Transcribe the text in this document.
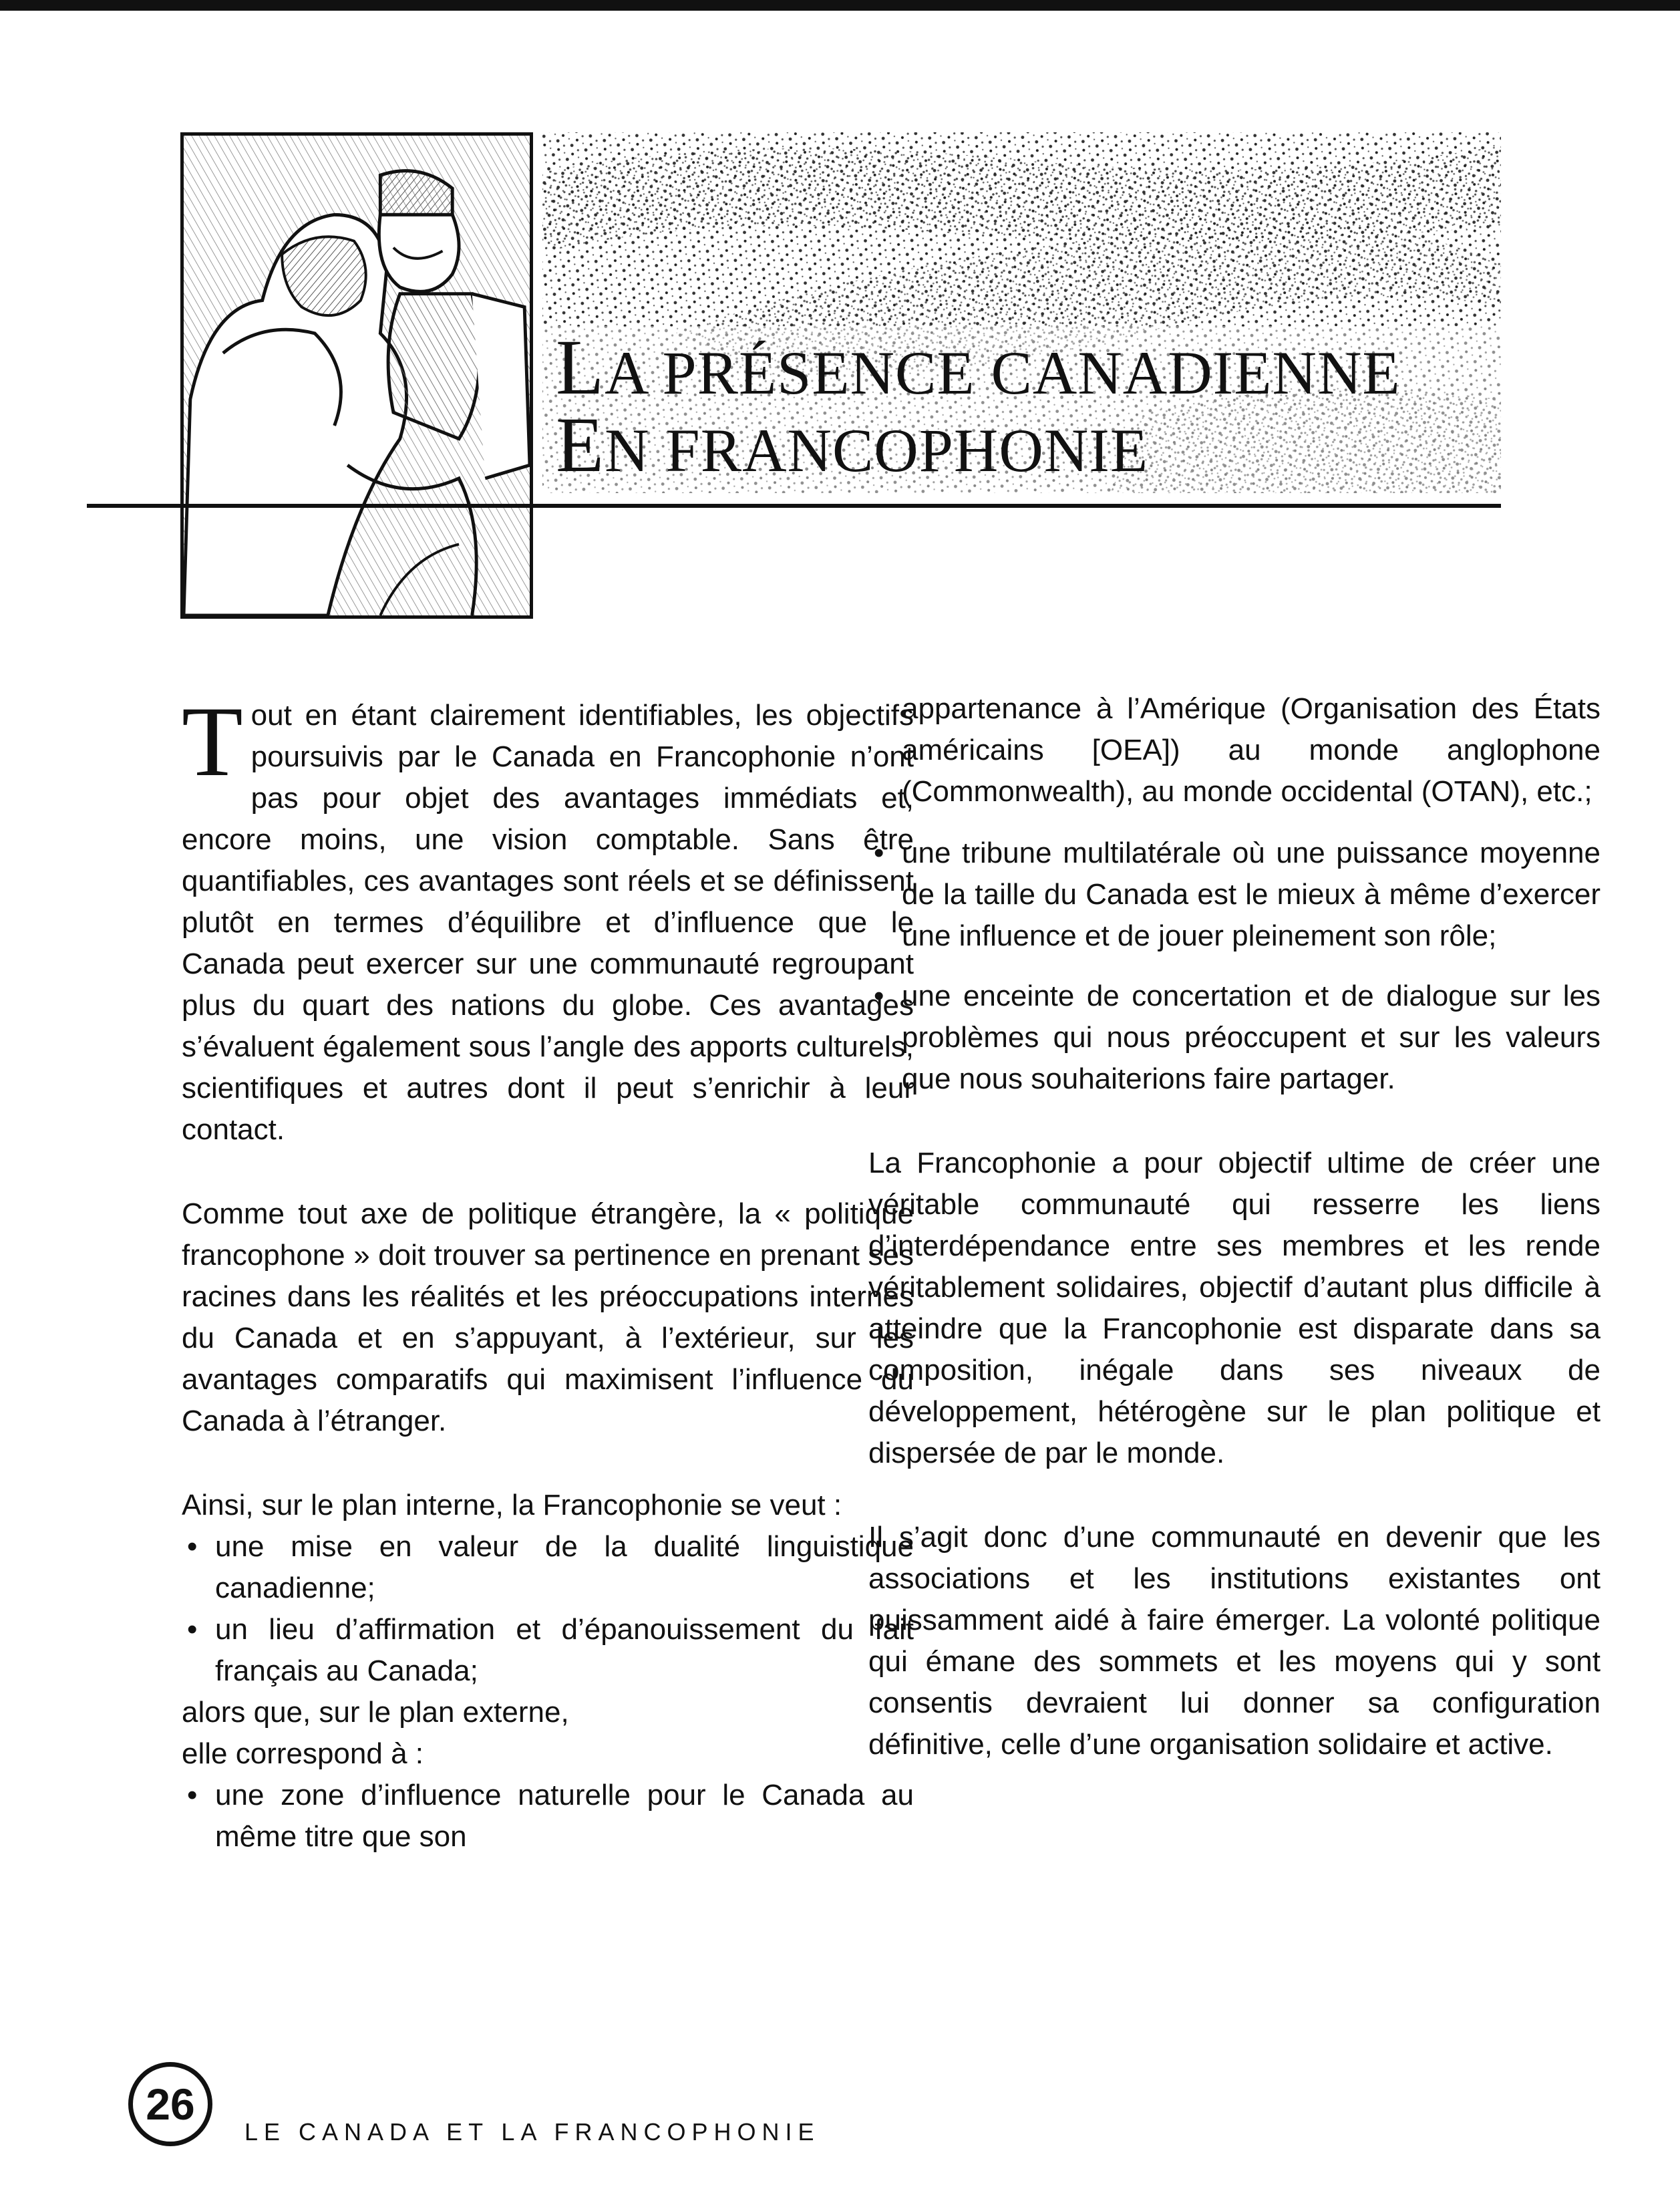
LA PRÉSENCE CANADIENNE
EN FRANCOPHONIE

Tout en étant clairement identifiables, les objectifs poursuivis par le Canada en Francophonie n’ont pas pour objet des avantages immédiats et, encore moins, une vision comptable. Sans être quantifiables, ces avantages sont réels et se définissent plutôt en termes d’équilibre et d’influence que le Canada peut exercer sur une communauté regroupant plus du quart des nations du globe. Ces avantages s’évaluent également sous l’angle des apports culturels, scientifiques et autres dont il peut s’enrichir à leur contact.

Comme tout axe de politique étrangère, la « politique francophone » doit trouver sa pertinence en prenant ses racines dans les réalités et les préoccupations internes du Canada et en s’appuyant, à l’extérieur, sur les avantages comparatifs qui maximisent l’influence du Canada à l’étranger.

Ainsi, sur le plan interne, la Francophonie se veut :

• une mise en valeur de la dualité linguistique canadienne;
• un lieu d’affirmation et d’épanouissement du fait français au Canada;

alors que, sur le plan externe, elle correspond à :

• une zone d’influence naturelle pour le Canada au même titre que son

appartenance à l’Amérique (Organisation des États américains [OEA]) au monde anglophone (Commonwealth), au monde occidental (OTAN), etc.;

• une tribune multilatérale où une puissance moyenne de la taille du Canada est le mieux à même d’exercer une influence et de jouer pleinement son rôle;
• une enceinte de concertation et de dialogue sur les problèmes qui nous préoccupent et sur les valeurs que nous souhaiterions faire partager.

La Francophonie a pour objectif ultime de créer une véritable communauté qui resserre les liens d’interdépendance entre ses membres et les rende véritablement solidaires, objectif d’autant plus difficile à atteindre que la Francophonie est disparate dans sa composition, inégale dans ses niveaux de développement, hétérogène sur le plan politique et dispersée de par le monde.

Il s’agit donc d’une communauté en devenir que les associations et les institutions existantes ont puissamment aidé à faire émerger. La volonté politique qui émane des sommets et les moyens qui y sont consentis devraient lui donner sa configuration définitive, celle d’une organisation solidaire et active.

26
LE CANADA ET LA FRANCOPHONIE
